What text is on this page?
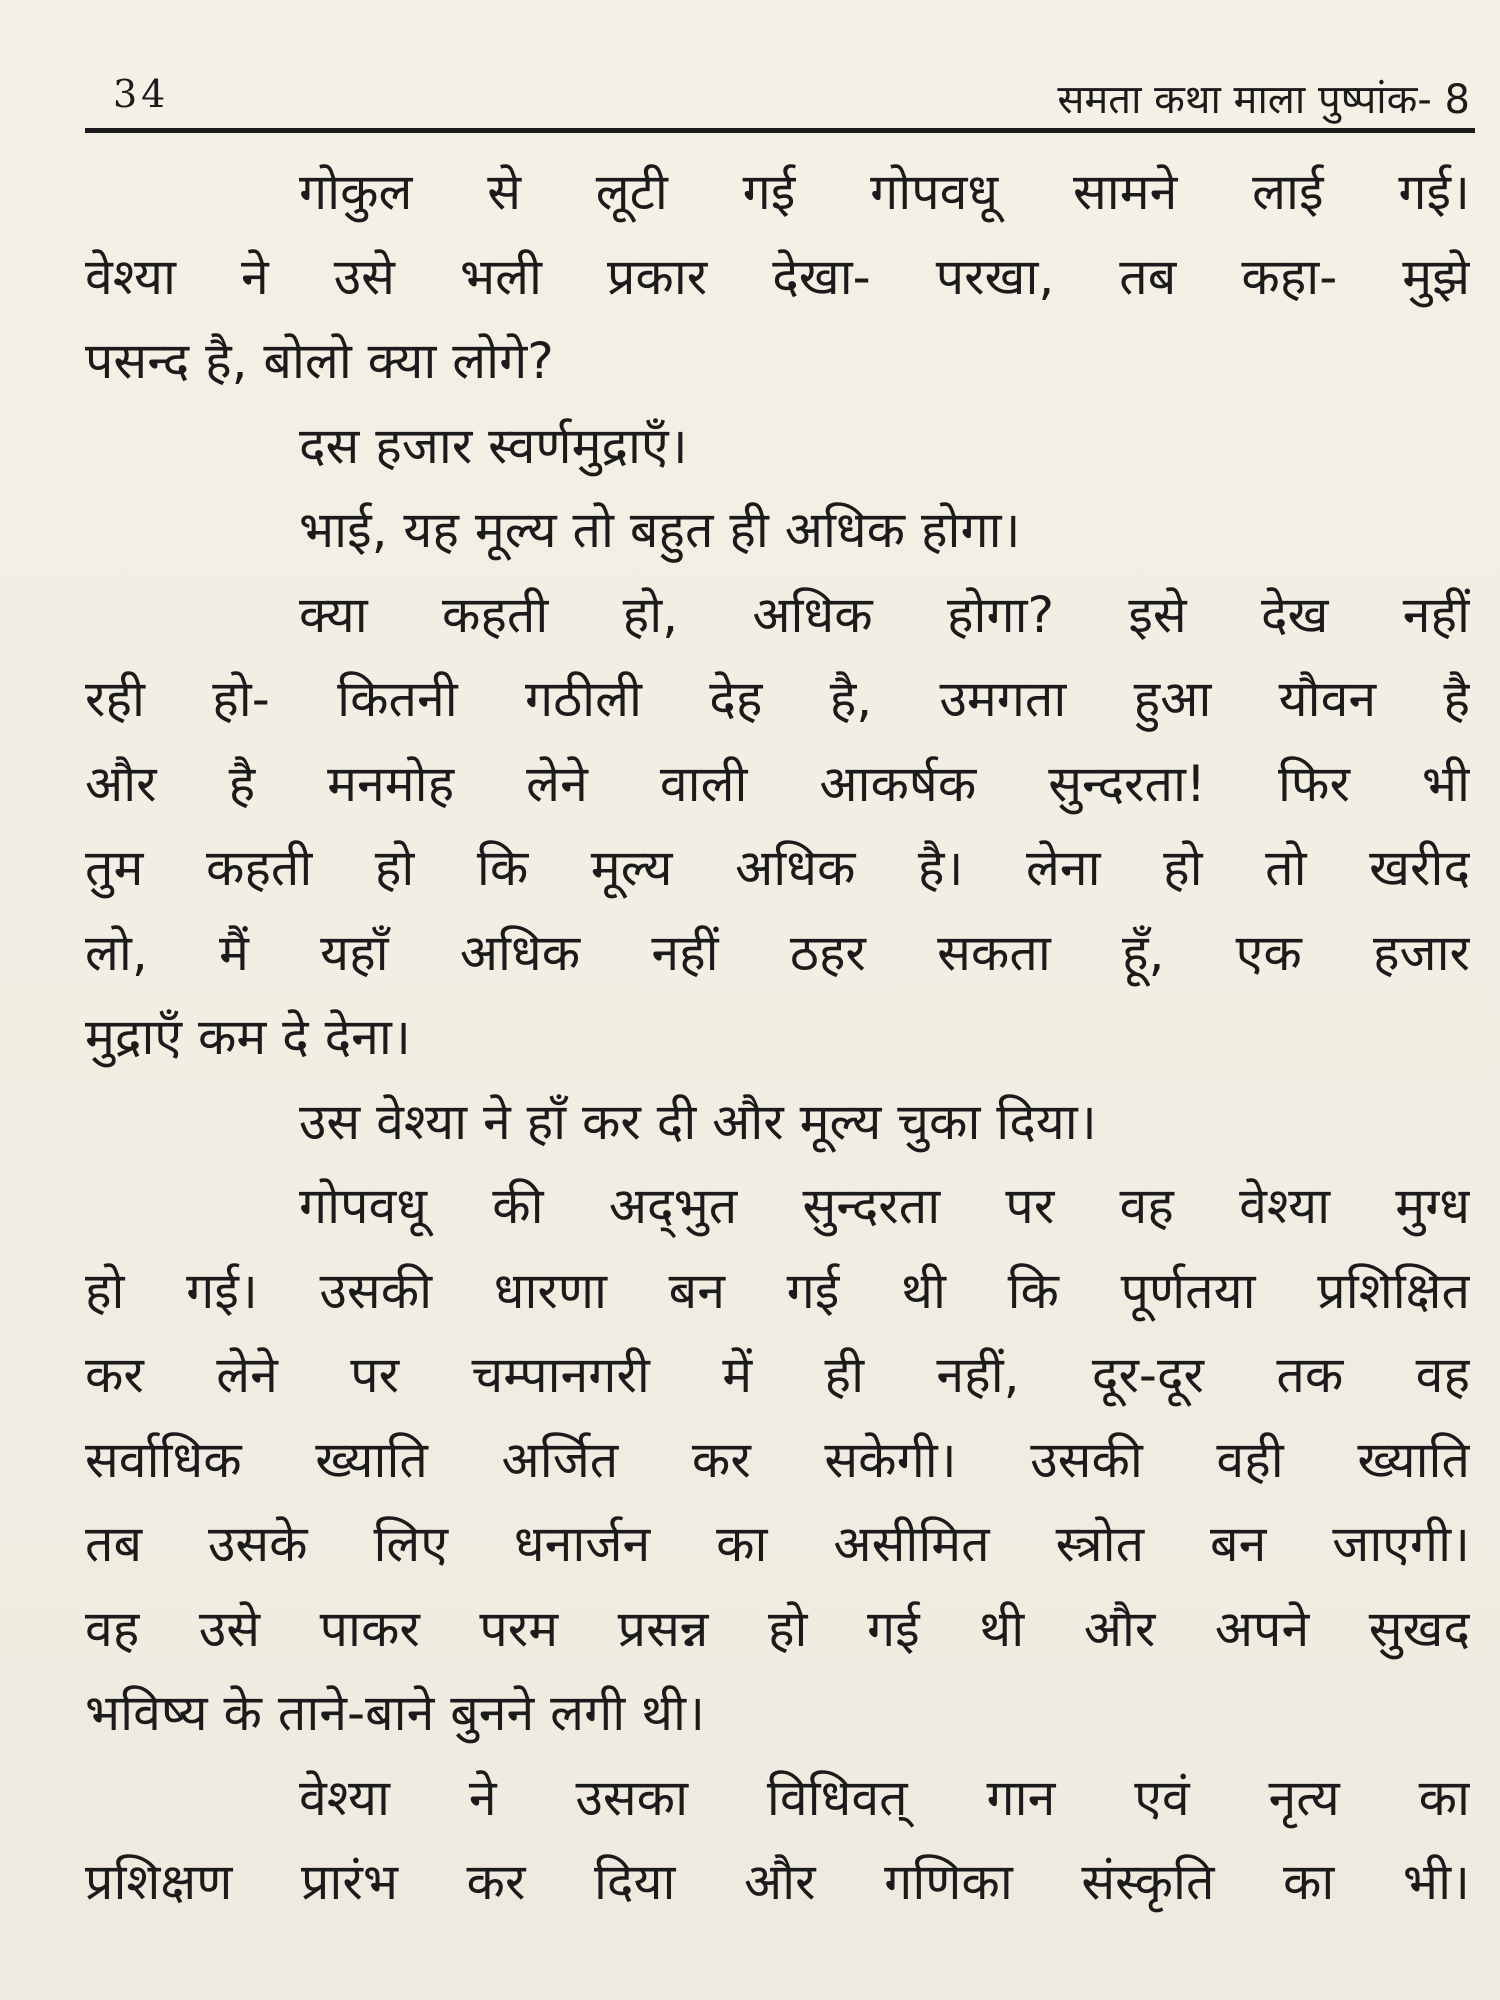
34	समता कथा माला पुष्पांक- 8
गोकुल से लूटी गई गोपवधू सामने लाई गई।
वेश्या ने उसे भली प्रकार देखा- परखा, तब कहा- मुझे
पसन्द है, बोलो क्या लोगे?
दस हजार स्वर्णमुद्राएँ।
भाई, यह मूल्य तो बहुत ही अधिक होगा।
क्या कहती हो, अधिक होगा? इसे देख नहीं
रही हो- कितनी गठीली देह है, उमगता हुआ यौवन है
और है मनमोह लेने वाली आकर्षक सुन्दरता! फिर भी
तुम कहती हो कि मूल्य अधिक है। लेना हो तो खरीद
लो, मैं यहाँ अधिक नहीं ठहर सकता हूँ, एक हजार
मुद्राएँ कम दे देना।
उस वेश्या ने हाँ कर दी और मूल्य चुका दिया।
गोपवधू की अद्‌भुत सुन्दरता पर वह वेश्या मुग्ध
हो गई। उसकी धारणा बन गई थी कि पूर्णतया प्रशिक्षित
कर लेने पर चम्पानगरी में ही नहीं, दूर-दूर तक वह
सर्वाधिक ख्याति अर्जित कर सकेगी। उसकी वही ख्याति
तब उसके लिए धनार्जन का असीमित स्त्रोत बन जाएगी।
वह उसे पाकर परम प्रसन्न हो गई थी और अपने सुखद
भविष्य के ताने-बाने बुनने लगी थी।
वेश्या ने उसका विधिवत् गान एवं नृत्य का
प्रशिक्षण प्रारंभ कर दिया और गणिका संस्कृति का भी।
